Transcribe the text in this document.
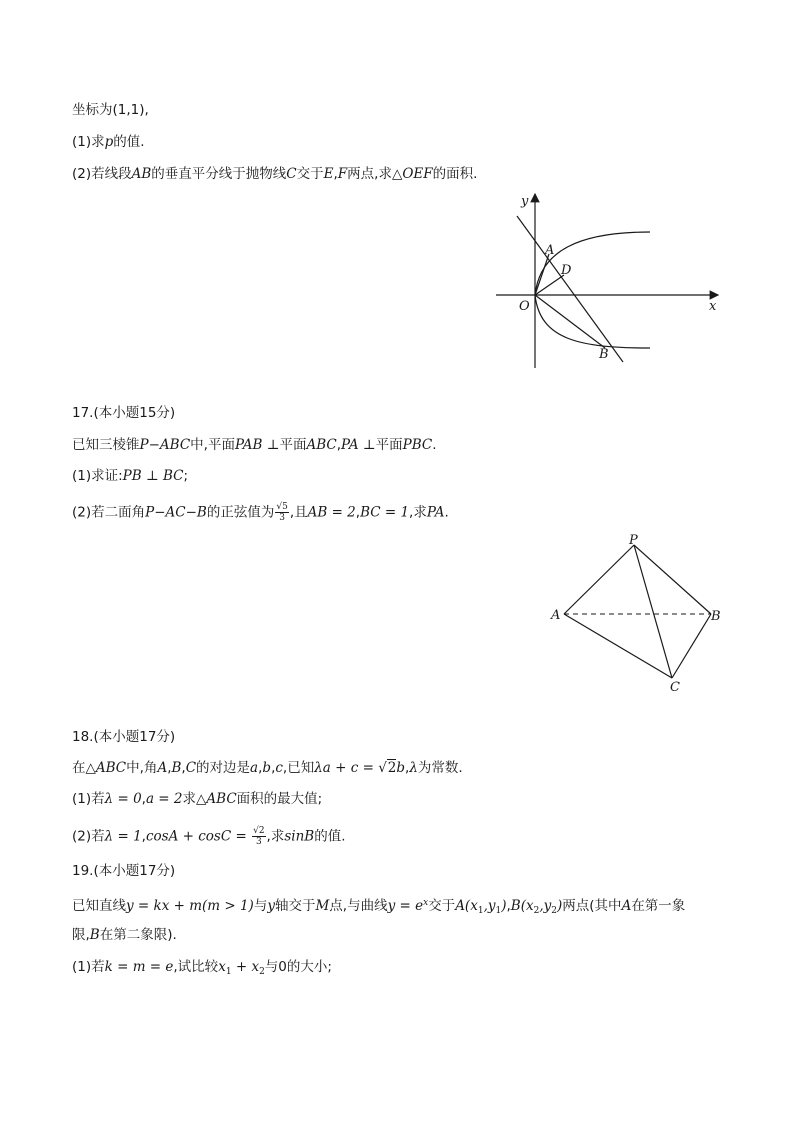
坐标为(1,1),
(1)求p的值.
(2)若线段AB的垂直平分线于抛物线C交于E,F两点,求△OEF的面积.
y
A
D
O	x
B
17.(本小题15分)
已知三棱锥P−ABC中,平面PAB ⊥平面ABC,PA ⊥平面PBC.
(1)求证:PB ⊥ BC;
(2)若二面角P−AC−B的正弦值为 $\frac{√5}{3}$ ,且AB = 2,BC = 1,求PA.
P
A	B
C
18.(本小题17分)
在△ABC中,角A,B,C的对边是a,b,c,已知λa + c = √2b,λ为常数.
(1)若λ = 0,a = 2求△ABC面积的最大值;
(2)若$\lambda = 1,\cos A + \cos C = \frac{√2}{3}$ ,求sinB的值.
19.(本小题17分)
已知直线y = kx + m(m > 1)与y轴交于M点,与曲线$y = e^x$交于$A(x_1,y_1),B(x_2,y_2)$两点(其中A在第一象
限,B在第二象限).
(1)若k = m = e,试比较$x_1 + x_2$与0的大小;
